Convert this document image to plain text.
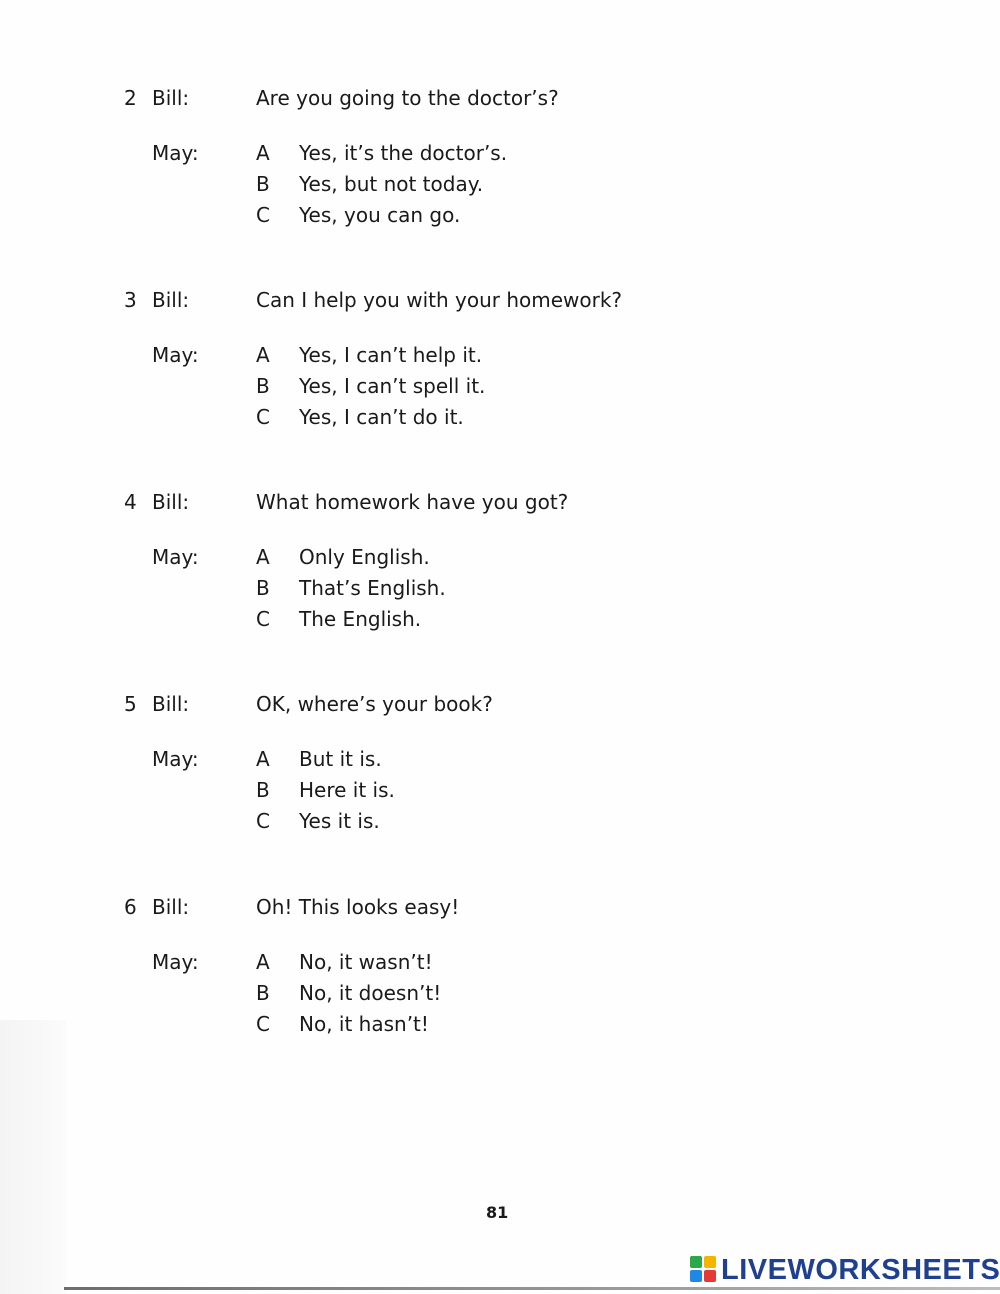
2 Bill:	Are you going to the doctor’s?
May:	A	Yes, it’s the doctor’s.
B	Yes, but not today.
C	Yes, you can go.
3 Bill:	Can I help you with your homework?
May:	A	Yes, I can’t help it.
B	Yes, I can’t spell it.
C	Yes, I can’t do it.
4 Bill:	What homework have you got?
May:	A	Only English.
B	That’s English.
C	The English.
5 Bill:	OK, where’s your book?
May:	A	But it is.
B	Here it is.
C	Yes it is.
6 Bill:	Oh! This looks easy!
May:	A	No, it wasn’t!
B	No, it doesn’t!
C	No, it hasn’t!
81
LIVEWORKSHEETS
